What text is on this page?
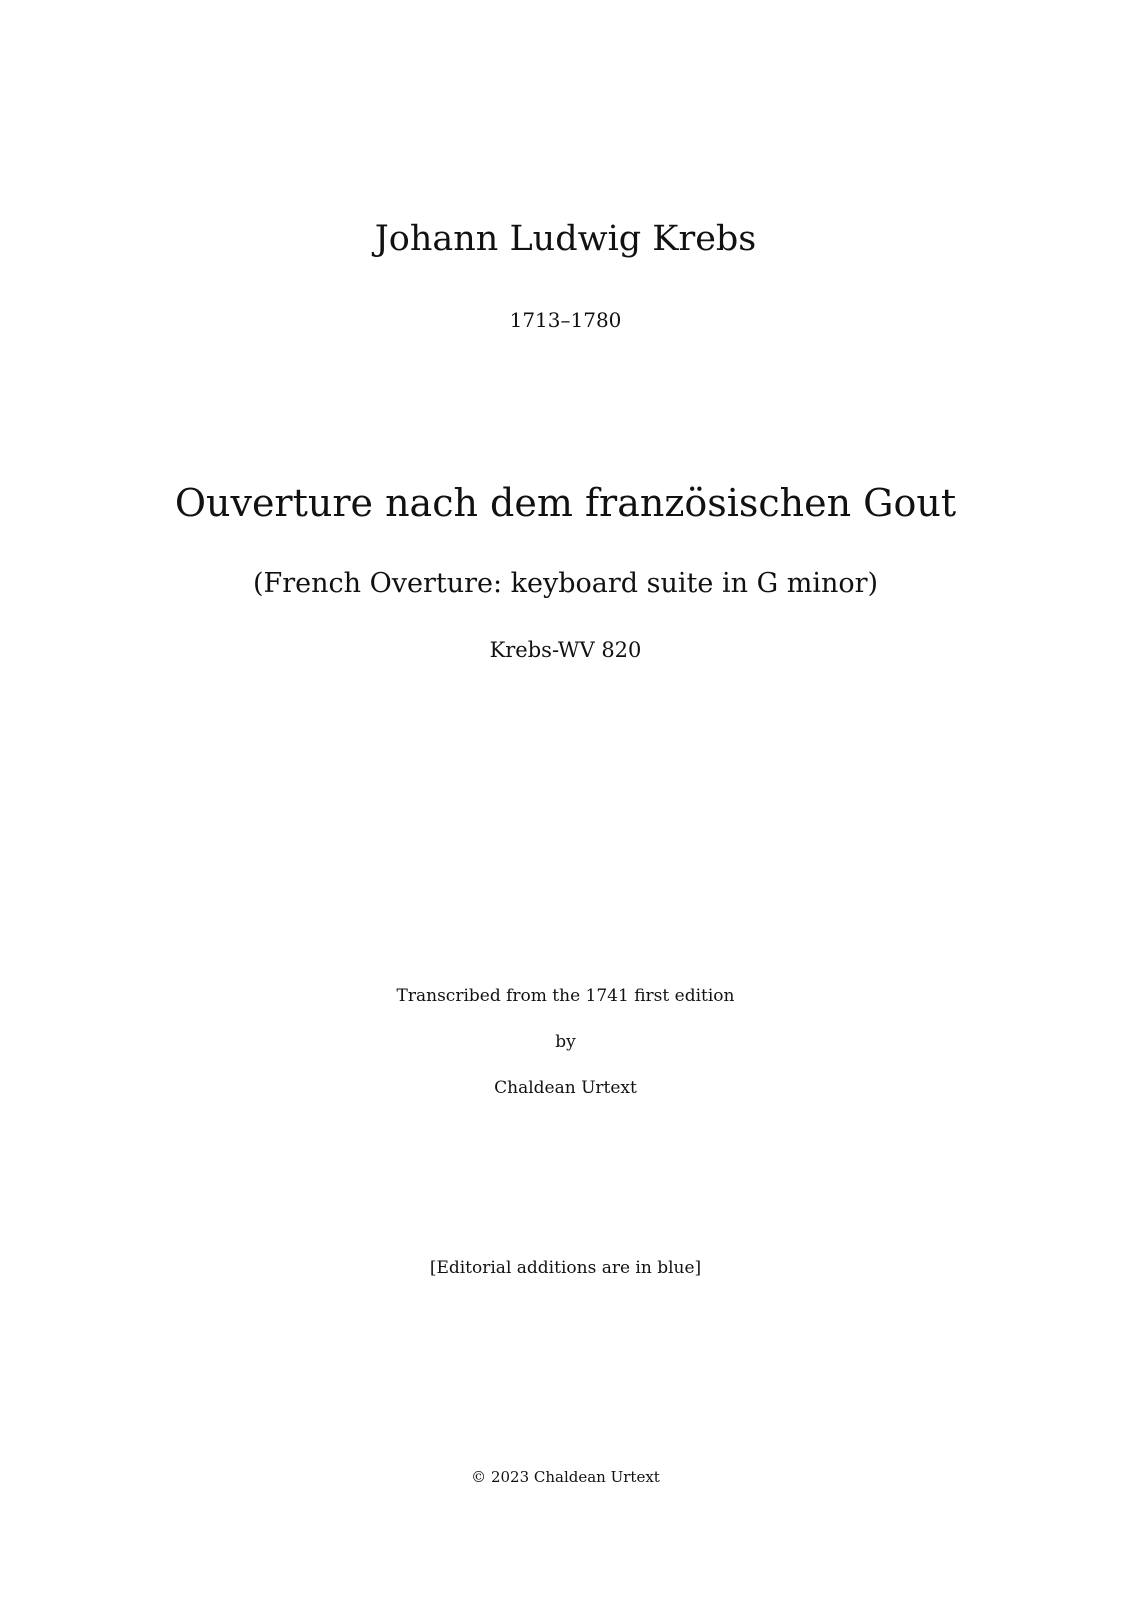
Johann Ludwig Krebs
1713–1780
Ouverture nach dem französischen Gout
(French Overture: keyboard suite in G minor)
Krebs-WV 820
Transcribed from the 1741 first edition
by
Chaldean Urtext
[Editorial additions are in blue]
© 2023 Chaldean Urtext
